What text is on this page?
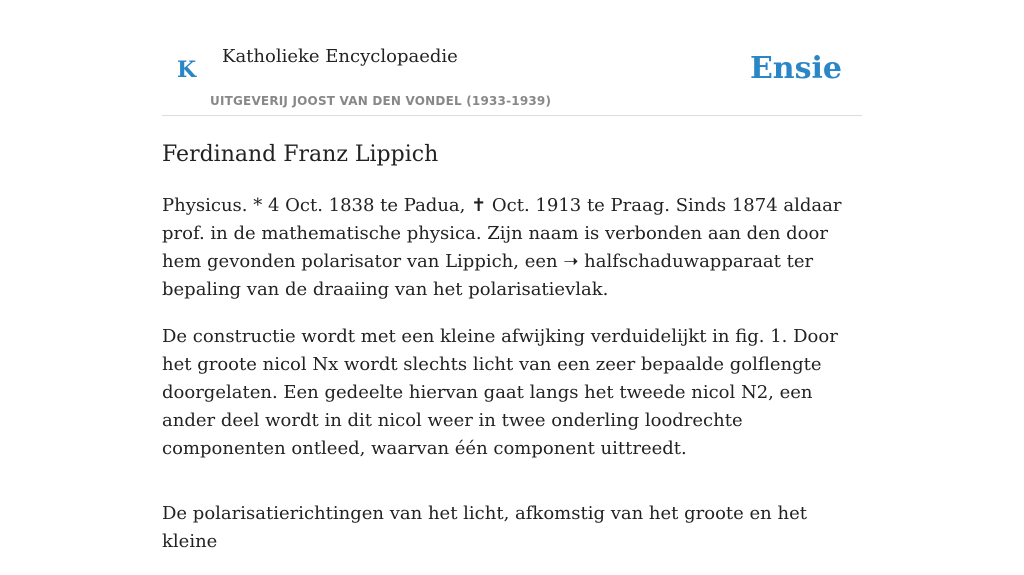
K
Katholieke Encyclopaedie
UITGEVERIJ JOOST VAN DEN VONDEL (1933-1939)
Ensie
Ferdinand Franz Lippich

Physicus. * 4 Oct. 1838 te Padua, ✝ Oct. 1913 te Praag. Sinds 1874 aldaar prof. in de mathematische physica. Zijn naam is verbonden aan den door hem gevonden polarisator van Lippich, een ➝ halfschaduwapparaat ter bepaling van de draaiing van het polarisatievlak.

De constructie wordt met een kleine afwijking verduidelijkt in fig. 1. Door het groote nicol Nx wordt slechts licht van een zeer bepaalde golflengte doorgelaten. Een gedeelte hiervan gaat langs het tweede nicol N2, een ander deel wordt in dit nicol weer in twee onderling loodrechte componenten ontleed, waarvan één component uittreedt.

De polarisatierichtingen van het licht, afkomstig van het groote en het kleine
